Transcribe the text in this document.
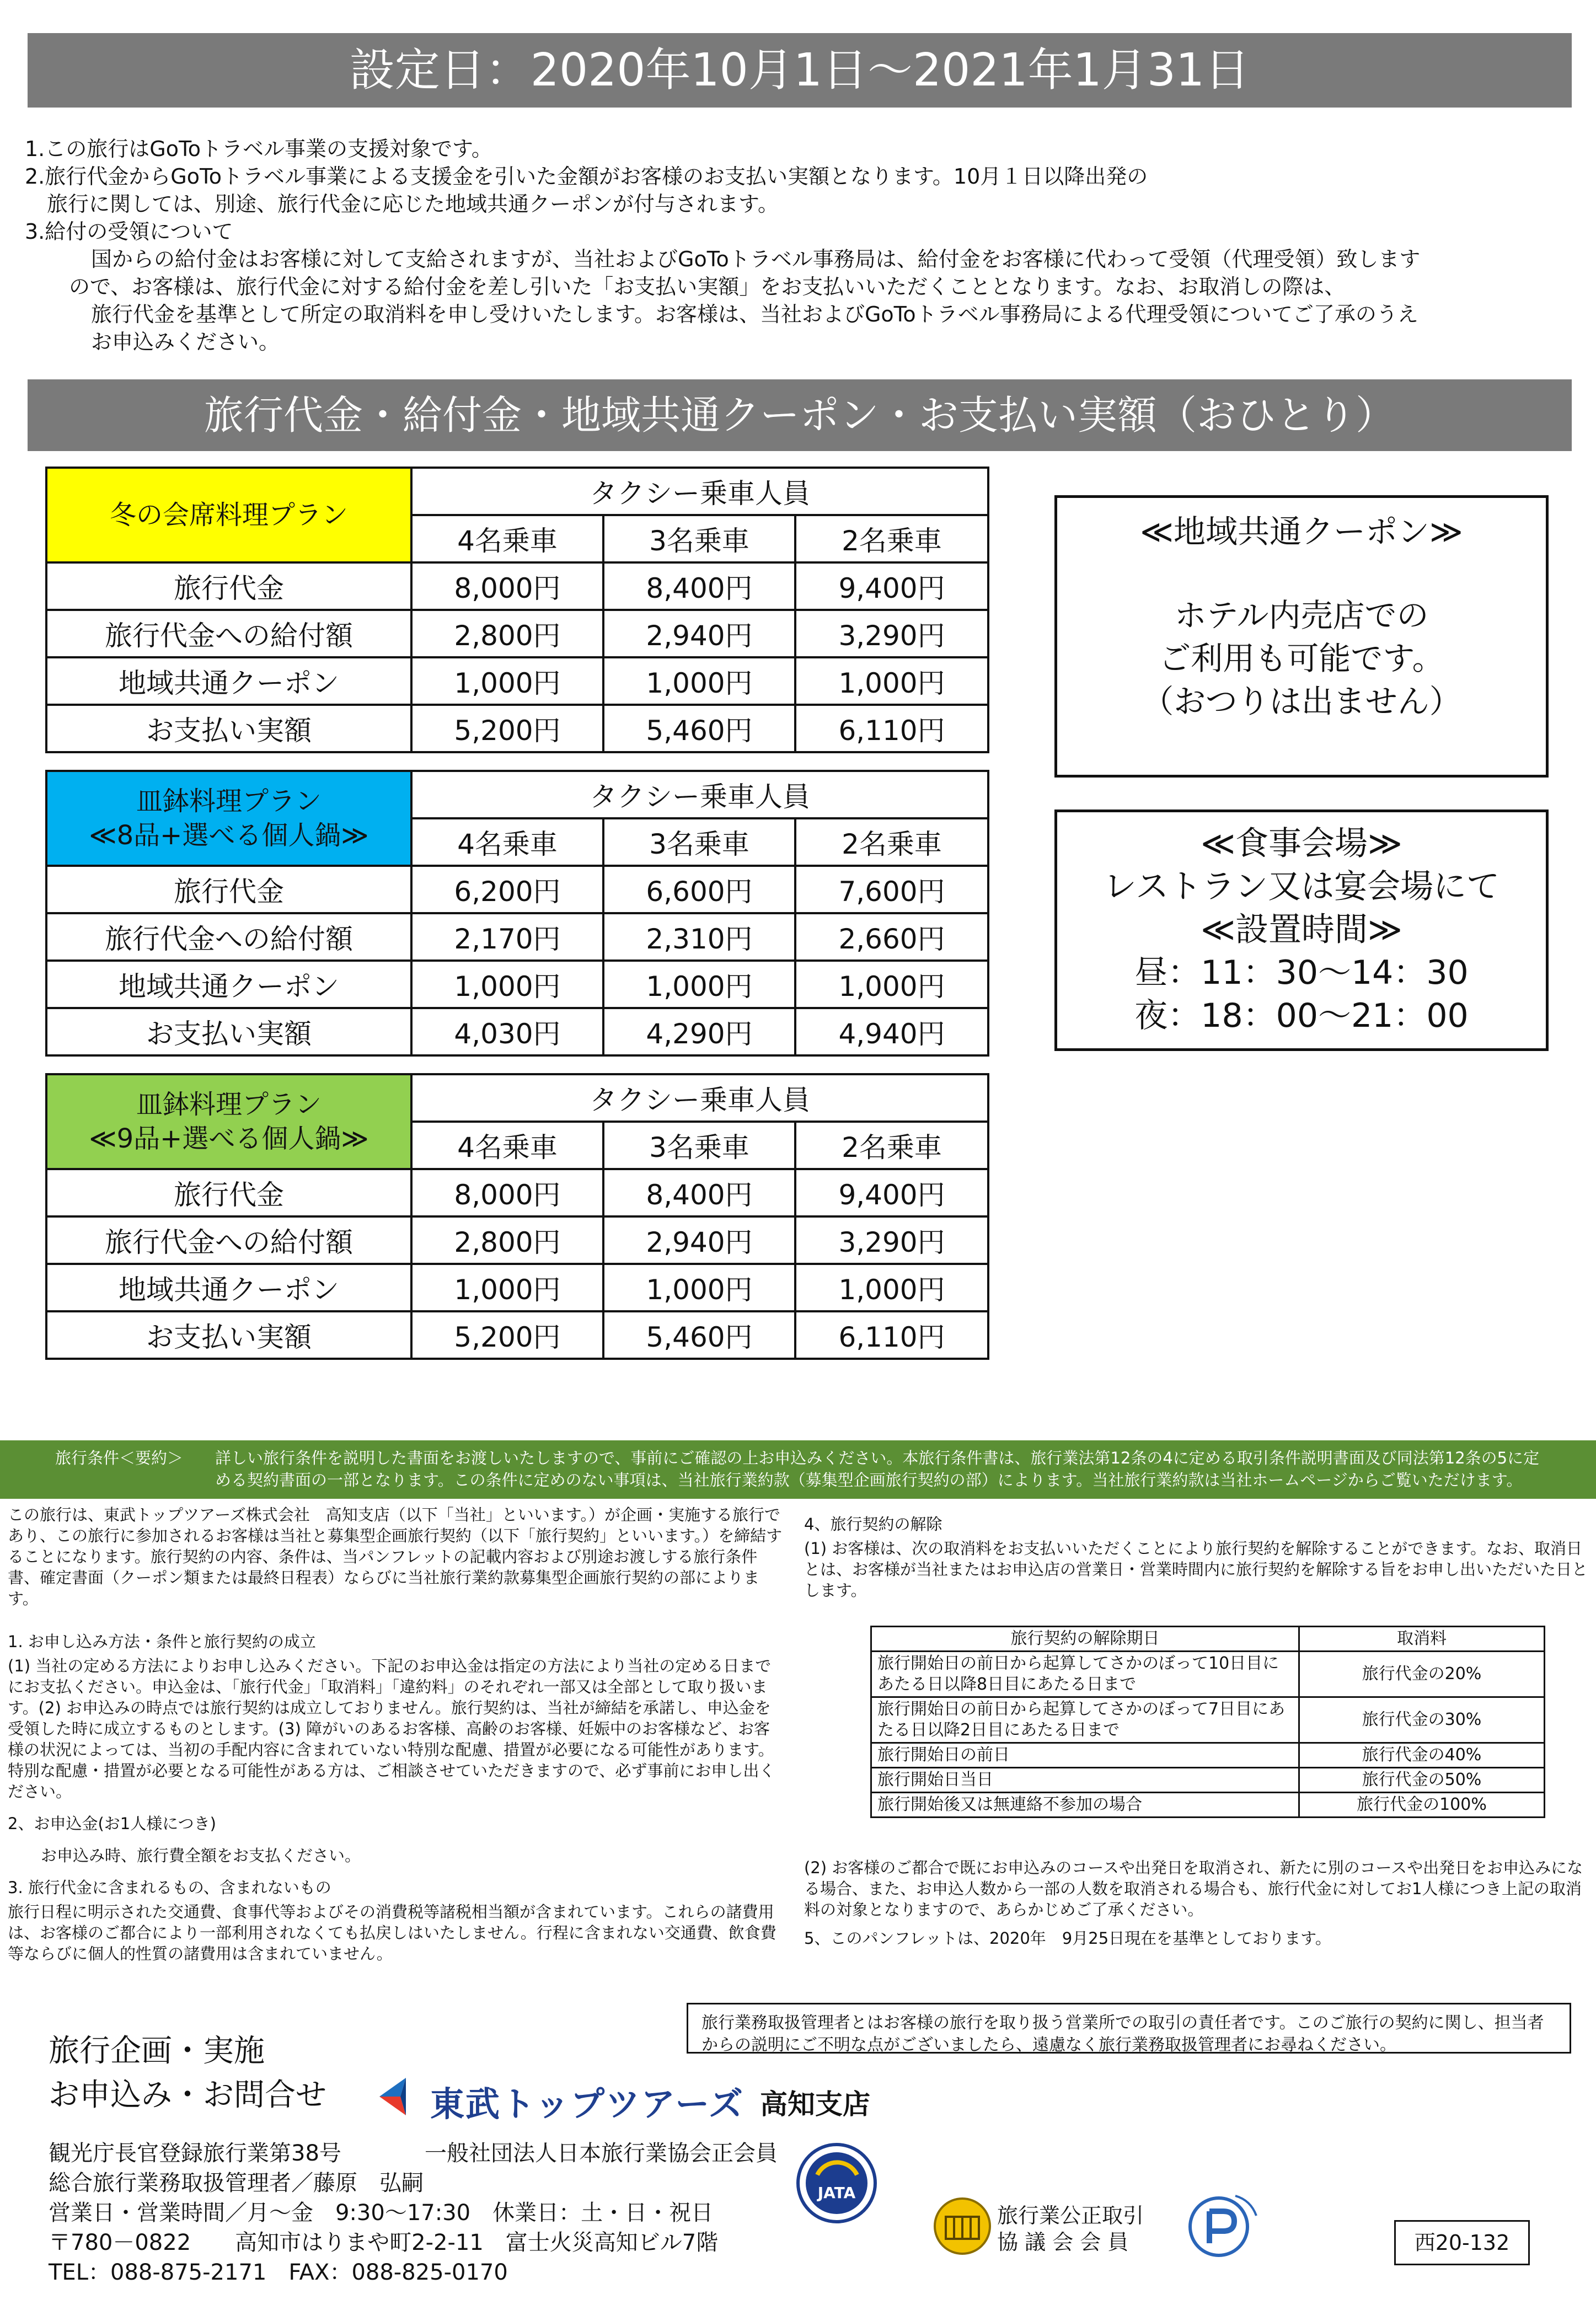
設定日：2020年10月1日～2021年1月31日

1.この旅行はGoToトラベル事業の支援対象です。

2.旅行代金からGoToトラベル事業による支援金を引いた金額がお客様のお支払い実額となります。10月１日以降出発の

旅行に関しては、別途、旅行代金に応じた地域共通クーポンが付与されます。

3.給付の受領について

国からの給付金はお客様に対して支給されますが、当社およびGoToトラベル事務局は、給付金をお客様に代わって受領（代理受領）致します

ので、お客様は、旅行代金に対する給付金を差し引いた「お支払い実額」をお支払いいただくこととなります。なお、お取消しの際は、

旅行代金を基準として所定の取消料を申し受けいたします。お客様は、当社およびGoToトラベル事務局による代理受領についてご了承のうえ

お申込みください。

旅行代金・給付金・地域共通クーポン・お支払い実額（おひとり）
冬の会席料理プラン	タクシー乗車人員		
	4名乗車	3名乗車	2名乗車
旅行代金	8,000円	8,400円	9,400円
旅行代金への給付額	2,800円	2,940円	3,290円
地域共通クーポン	1,000円	1,000円	1,000円
お支払い実額	5,200円	5,460円	6,110円

皿鉢料理プラン
≪8品+選べる個人鍋≫	タクシー乗車人員		
	4名乗車	3名乗車	2名乗車
旅行代金	6,200円	6,600円	7,600円
旅行代金への給付額	2,170円	2,310円	2,660円
地域共通クーポン	1,000円	1,000円	1,000円
お支払い実額	4,030円	4,290円	4,940円

皿鉢料理プラン
≪9品+選べる個人鍋≫	タクシー乗車人員		
	4名乗車	3名乗車	2名乗車
旅行代金	8,000円	8,400円	9,400円
旅行代金への給付額	2,800円	2,940円	3,290円
地域共通クーポン	1,000円	1,000円	1,000円
お支払い実額	5,200円	5,460円	6,110円
≪地域共通クーポン≫
ホテル内売店での
ご利用も可能です。
（おつりは出ません）
≪食事会場≫
レストラン又は宴会場にて
≪設置時間≫
昼：11：30～14：30
夜：18：00～21：00
旅行条件＜要約＞ 詳しい旅行条件を説明した書面をお渡しいたしますので、事前にご確認の上お申込みください。本旅行条件書は、旅行業法第12条の4に定める取引条件説明書面及び同法第12条の5に定める契約書面の一部となります。この条件に定めのない事項は、当社旅行業約款（募集型企画旅行契約の部）によります。当社旅行業約款は当社ホームページからご覧いただけます。

この旅行は、東武トップツアーズ株式会社　高知支店（以下「当社」といいます。）が企画・実施する旅行であり、この旅行に参加されるお客様は当社と募集型企画旅行契約（以下「旅行契約」といいます。）を締結することになります。旅行契約の内容、条件は、当パンフレットの記載内容および別途お渡しする旅行条件書、確定書面（クーポン類または最終日程表）ならびに当社旅行業約款募集型企画旅行契約の部によります。

1. お申し込み方法・条件と旅行契約の成立

(1) 当社の定める方法によりお申し込みください。下記のお申込金は指定の方法により当社の定める日までにお支払ください。申込金は、「旅行代金」「取消料」「違約料」のそれぞれ一部又は全部として取り扱います。(2) お申込みの時点では旅行契約は成立しておりません。旅行契約は、当社が締結を承諾し、申込金を受領した時に成立するものとします。(3) 障がいのあるお客様、高齢のお客様、妊娠中のお客様など、お客様の状況によっては、当初の手配内容に含まれていない特別な配慮、措置が必要になる可能性があります。特別な配慮・措置が必要となる可能性がある方は、ご相談させていただきますので、必ず事前にお申し出ください。

2、お申込金(お1人様につき)

お申込み時、旅行費全額をお支払ください。

3. 旅行代金に含まれるもの、含まれないもの

旅行日程に明示された交通費、食事代等およびその消費税等諸税相当額が含まれています。これらの諸費用は、お客様のご都合により一部利用されなくても払戻しはいたしません。行程に含まれない交通費、飲食費等ならびに個人的性質の諸費用は含まれていません。

4、旅行契約の解除

(1) お客様は、次の取消料をお支払いいただくことにより旅行契約を解除することができます。なお、取消日とは、お客様が当社またはお申込店の営業日・営業時間内に旅行契約を解除する旨をお申し出いただいた日とします。

旅行契約の解除期日	取消料
旅行開始日の前日から起算してさかのぼって10日目にあたる日以降8日目にあたる日まで	旅行代金の20%
旅行開始日の前日から起算してさかのぼって7日目にあたる日以降2日目にあたる日まで	旅行代金の30%
旅行開始日の前日	旅行代金の40%
旅行開始日当日	旅行代金の50%
旅行開始後又は無連絡不参加の場合	旅行代金の100%

(2) お客様のご都合で既にお申込みのコースや出発日を取消され、新たに別のコースや出発日をお申込みになる場合、また、お申込人数から一部の人数を取消される場合も、旅行代金に対してお1人様につき上記の取消料の対象となりますので、あらかじめご了承ください。

5、このパンフレットは、2020年　9月25日現在を基準としております。

旅行業務取扱管理者とはお客様の旅行を取り扱う営業所での取引の責任者です。このご旅行の契約に関し、担当者からの説明にご不明な点がございましたら、遠慮なく旅行業務取扱管理者にお尋ねください。
旅行企画・実施
お申込み・お問合せ	東武トップツアーズ 高知支店
観光庁長官登録旅行業第38号	一般社団法人日本旅行業協会正会員
総合旅行業務取扱管理者／藤原　弘嗣
営業日・営業時間／月～金　9:30～17:30　休業日：土・日・祝日
〒780－0822　　高知市はりまや町2-2-11　富士火災高知ビル7階
TEL：088-875-2171　FAX：088-825-0170
JATA
旅行業公正取引
協 議 会 会 員	西20-132
